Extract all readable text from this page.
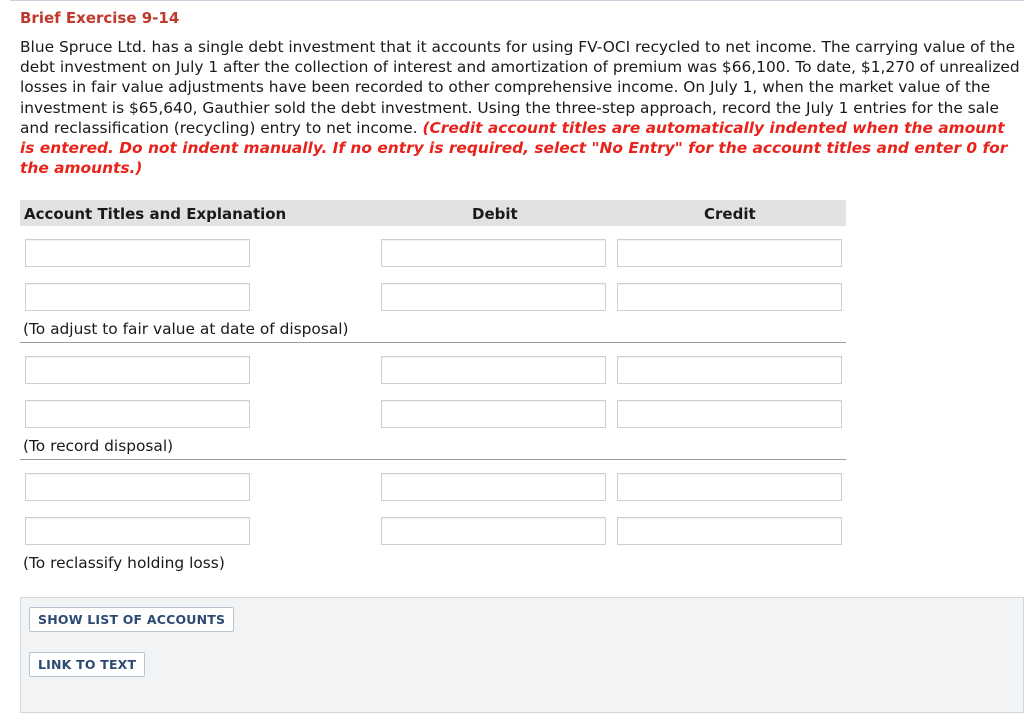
Brief Exercise 9-14
Blue Spruce Ltd. has a single debt investment that it accounts for using FV-OCI recycled to net income. The carrying value of the debt investment on July 1 after the collection of interest and amortization of premium was $66,100. To date, $1,270 of unrealized losses in fair value adjustments have been recorded to other comprehensive income. On July 1, when the market value of the investment is $65,640, Gauthier sold the debt investment. Using the three-step approach, record the July 1 entries for the sale and reclassification (recycling) entry to net income. (Credit account titles are automatically indented when the amount is entered. Do not indent manually. If no entry is required, select "No Entry" for the account titles and enter 0 for the amounts.)
Account Titles and Explanation	Debit	Credit
(To adjust to fair value at date of disposal)
(To record disposal)
(To reclassify holding loss)
SHOW LIST OF ACCOUNTS
LINK TO TEXT
